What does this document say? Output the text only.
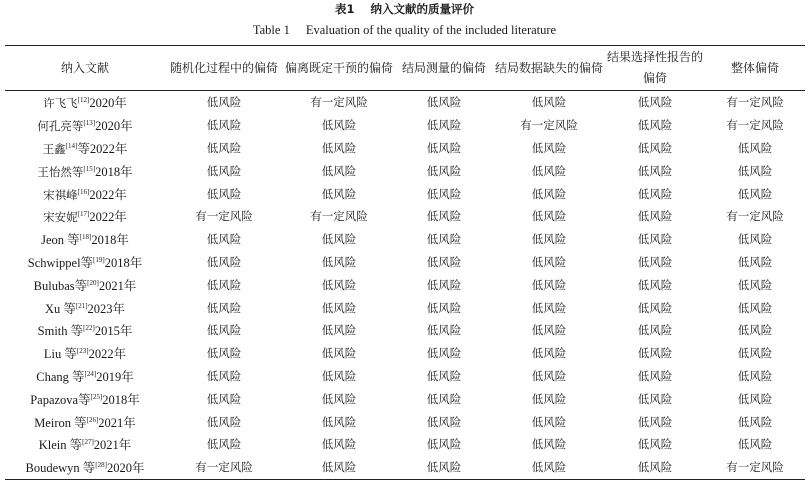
表1 纳入文献的质量评价
Table 1 Evaluation of the quality of the included literature
纳入文献	随机化过程中的偏倚	偏离既定干预的偏倚	结局测量的偏倚	结局数据缺失的偏倚	结果选择性报告的偏倚	整体偏倚
许飞飞[12]2020年	低风险	有一定风险	低风险	低风险	低风险	有一定风险
何孔亮等[13]2020年	低风险	低风险	低风险	有一定风险	低风险	有一定风险
王鑫[14]等2022年	低风险	低风险	低风险	低风险	低风险	低风险
王怡然等[15]2018年	低风险	低风险	低风险	低风险	低风险	低风险
宋祺峰[16]2022年	低风险	低风险	低风险	低风险	低风险	低风险
宋安妮[17]2022年	有一定风险	有一定风险	低风险	低风险	低风险	有一定风险
Jeon 等[18]2018年	低风险	低风险	低风险	低风险	低风险	低风险
Schwippel等[19]2018年	低风险	低风险	低风险	低风险	低风险	低风险
Bulubas等[20]2021年	低风险	低风险	低风险	低风险	低风险	低风险
Xu 等[21]2023年	低风险	低风险	低风险	低风险	低风险	低风险
Smith 等[22]2015年	低风险	低风险	低风险	低风险	低风险	低风险
Liu 等[23]2022年	低风险	低风险	低风险	低风险	低风险	低风险
Chang 等[24]2019年	低风险	低风险	低风险	低风险	低风险	低风险
Papazova等[25]2018年	低风险	低风险	低风险	低风险	低风险	低风险
Meiron 等[26]2021年	低风险	低风险	低风险	低风险	低风险	低风险
Klein 等[27]2021年	低风险	低风险	低风险	低风险	低风险	低风险
Boudewyn 等[28]2020年	有一定风险	低风险	低风险	低风险	低风险	有一定风险
